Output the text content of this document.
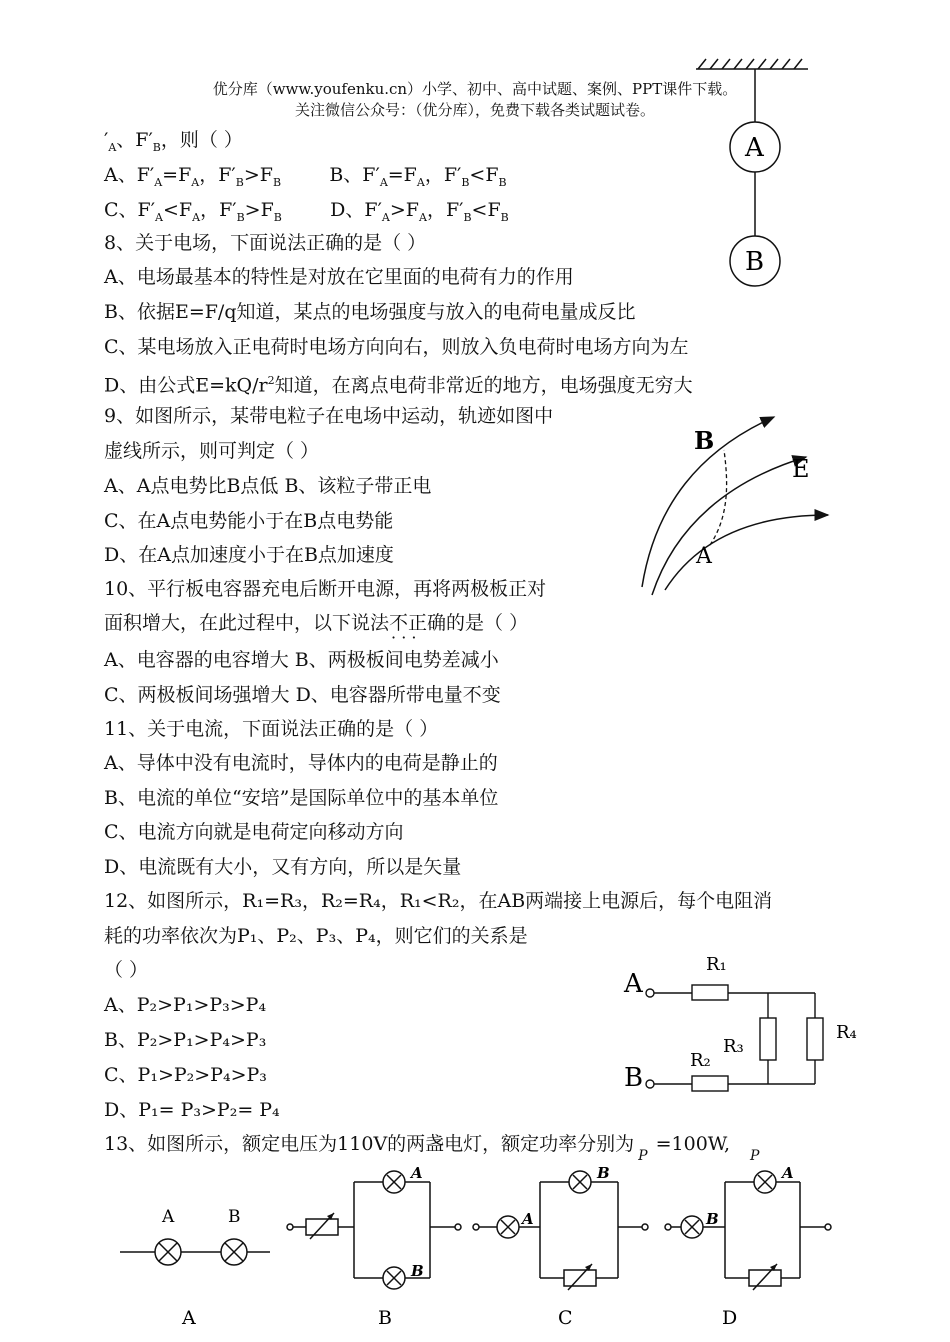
优分库（www.youfenku.cn）小学、初中、高中试题、案例、PPT课件下载。
关注微信公众号：（优分库），免费下载各类试题试卷。
A
B
$'_A$、$F'_B$，则（ ）
A、$F'_A=F_A$，$F'_B>F_B$        B、$F'_A=F_A$，$F'_B<F_B$
C、$F'_A<F_A$，$F'_B>F_B$        D、$F'_A>F_A$，$F'_B<F_B$
8、关于电场，下面说法正确的是（ ）
A、电场最基本的特性是对放在它里面的电荷有力的作用
B、依据E=F/q知道，某点的电场强度与放入的电荷电量成反比
C、某电场放入正电荷时电场方向向右，则放入负电荷时电场方向为左
D、由公式$E=kQ/r^2$知道，在离点电荷非常近的地方，电场强度无穷大
9、如图所示，某带电粒子在电场中运动，轨迹如图中
虚线所示，则可判定（ ）
A、A点电势比B点低 B、该粒子带正电
C、在A点电势能小于在B点电势能
D、在A点加速度小于在B点加速度
B
E
A
10、平行板电容器充电后断开电源，再将两极板正对
面积增大，在此过程中，以下说法不正确 · · ·的是（ ）
A、电容器的电容增大 B、两极板间电势差减小
C、两极板间场强增大 D、电容器所带电量不变
11、关于电流，下面说法正确的是（ ）
A、导体中没有电流时，导体内的电荷是静止的
B、电流的单位“安培”是国际单位中的基本单位
C、电流方向就是电荷定向移动方向
D、电流既有大小，又有方向，所以是矢量
12、如图所示，R₁=R₃，R₂=R₄，R₁<R₂，在AB两端接上电源后，每个电阻消
耗的功率依次为P₁、P₂、P₃、P₄，则它们的关系是
（ ）
A、P₂>P₁>P₃>P₄
B、P₂>P₁>P₄>P₃
C、P₁>P₂>P₄>P₃
D、P₁= P₃>P₂= P₄
A
B
R₁
R₂
R₃
R₄
13、如图所示，额定电压为110V的两盏电灯，额定功率分别为$_P=100W,_P$
A	B
A
B
A
B
B
A
A	B	C	D
